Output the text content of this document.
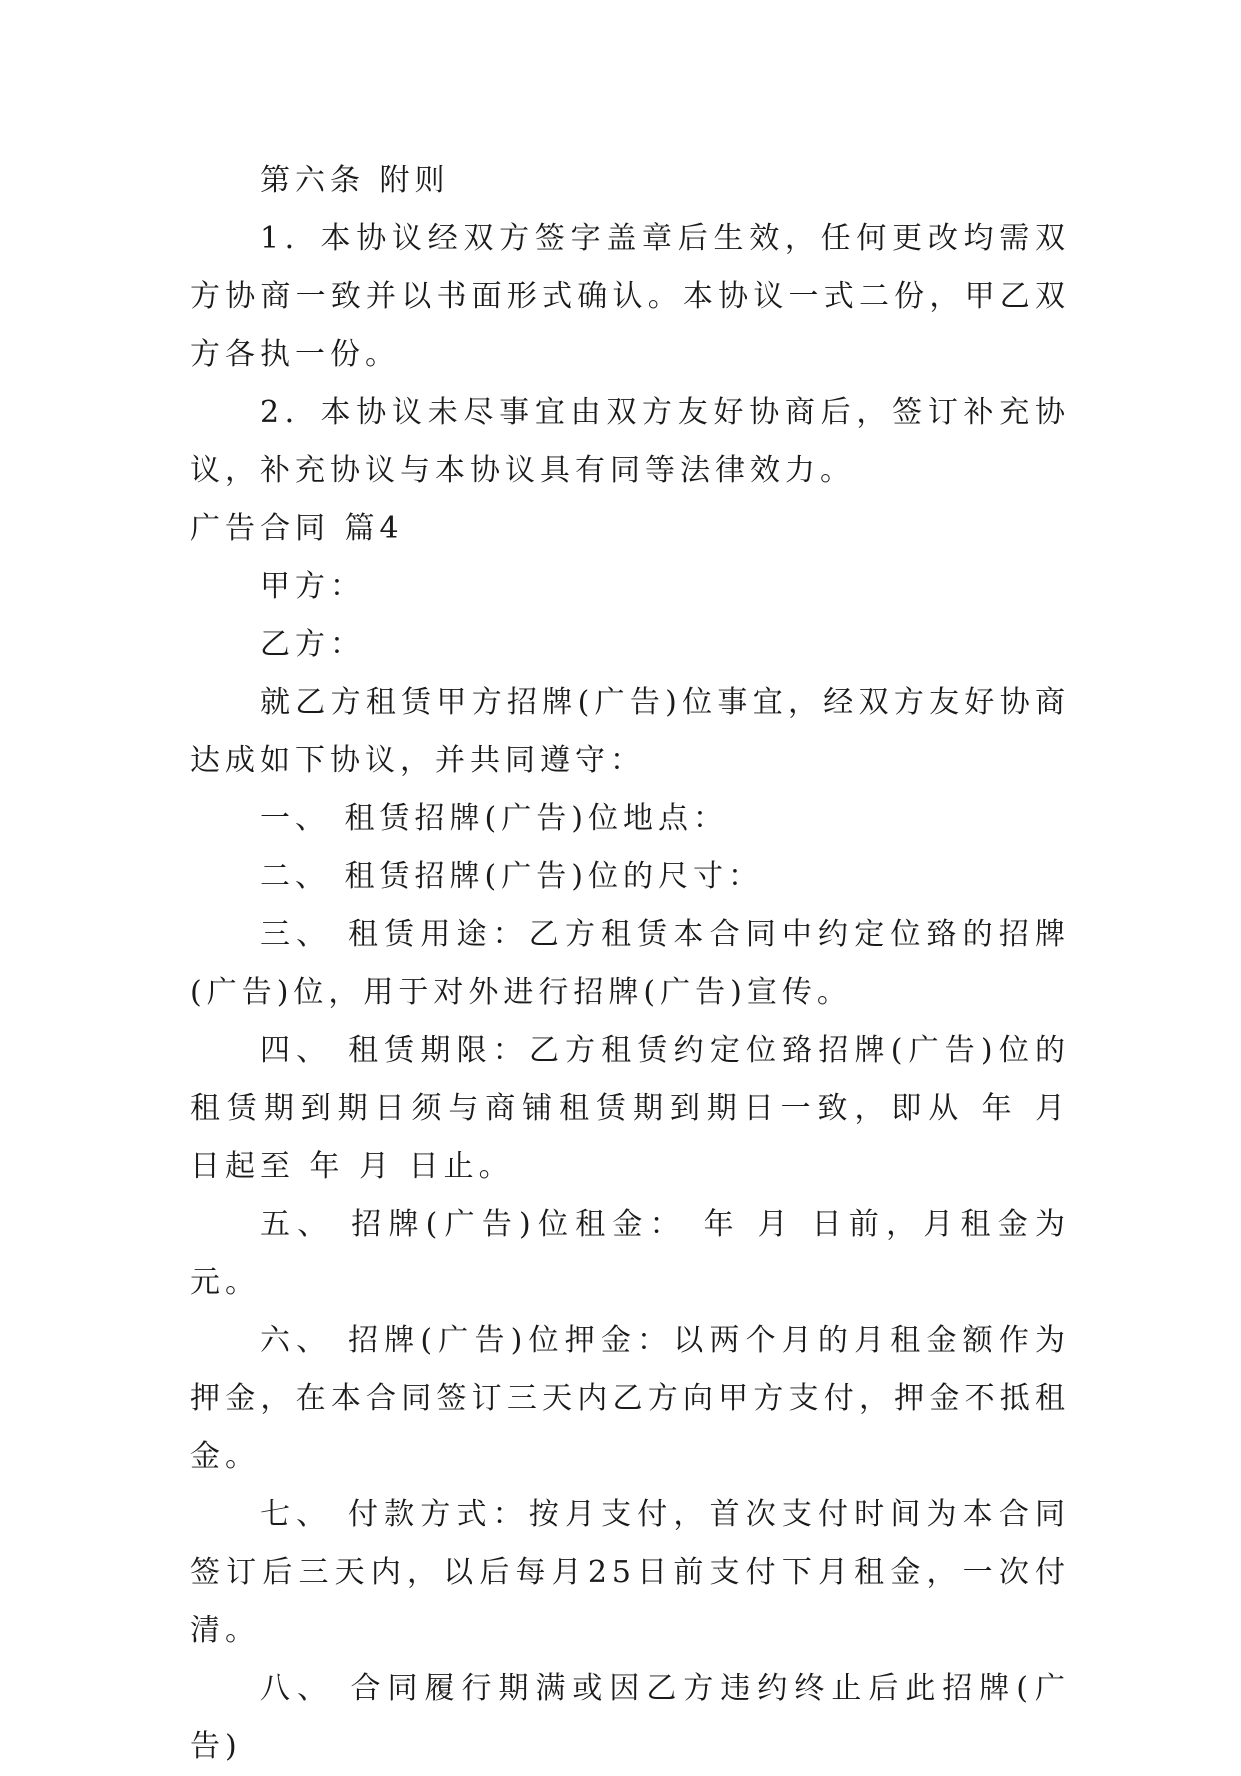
第六条 附则

1．本协议经双方签字盖章后生效，任何更改均需双方协商一致并以书面形式确认。本协议一式二份，甲乙双方各执一份。

2．本协议未尽事宜由双方友好协商后，签订补充协议，补充协议与本协议具有同等法律效力。

广告合同 篇4

甲方：

乙方：

就乙方租赁甲方招牌(广告)位事宜，经双方友好协商达成如下协议，并共同遵守：

一、 租赁招牌(广告)位地点：

二、 租赁招牌(广告)位的尺寸：

三、 租赁用途：乙方租赁本合同中约定位臵的招牌(广告)位，用于对外进行招牌(广告)宣传。

四、 租赁期限：乙方租赁约定位臵招牌(广告)位的租赁期到期日须与商铺租赁期到期日一致，即从 年 月 日起至 年 月 日止。

五、 招牌(广告)位租金： 年 月 日前，月租金为 元。

六、 招牌(广告)位押金：以两个月的月租金额作为押金，在本合同签订三天内乙方向甲方支付，押金不抵租金。

七、 付款方式：按月支付，首次支付时间为本合同签订后三天内，以后每月25日前支付下月租金，一次付清。

八、 合同履行期满或因乙方违约终止后此招牌(广告)
